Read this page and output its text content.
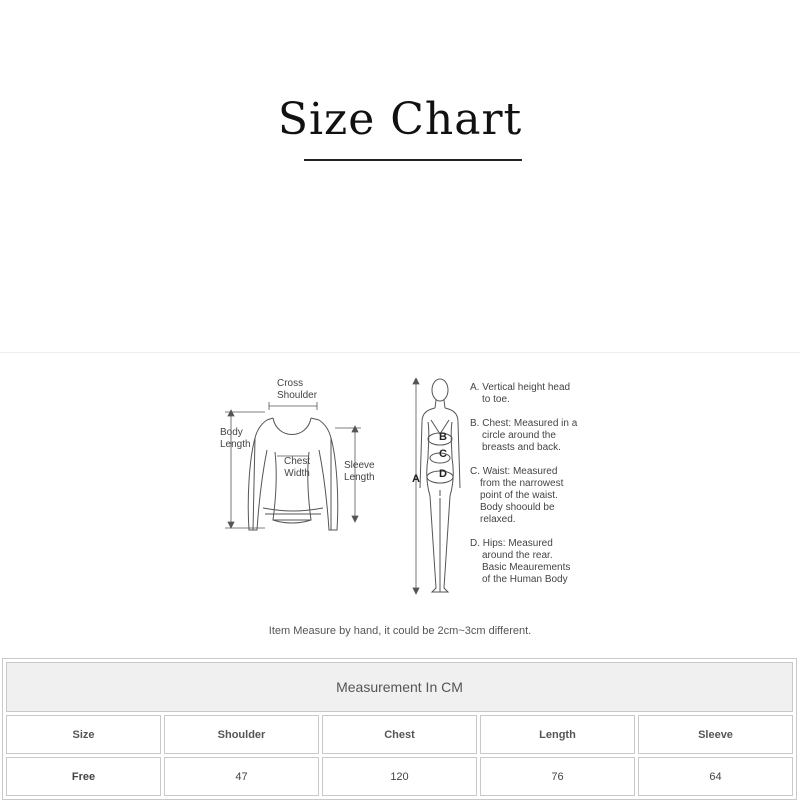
Size Chart
Cross
Shoulder
Body
Length
Chest
Width
Sleeve
Length	A
B
C
D
A. Vertical height head
to toe.
B. Chest: Measured in a
circle around the
breasts and back.
C. Waist: Measured
from the narrowest
point of the waist.
Body shoould be
relaxed.
D. Hips: Measured
around the rear.
Basic Meaurements
of the Human Body
Item Measure by hand, it could be 2cm~3cm different.
Measurement In CM				
Size	Shoulder	Chest	Length	Sleeve
Free	47	120	76	64
